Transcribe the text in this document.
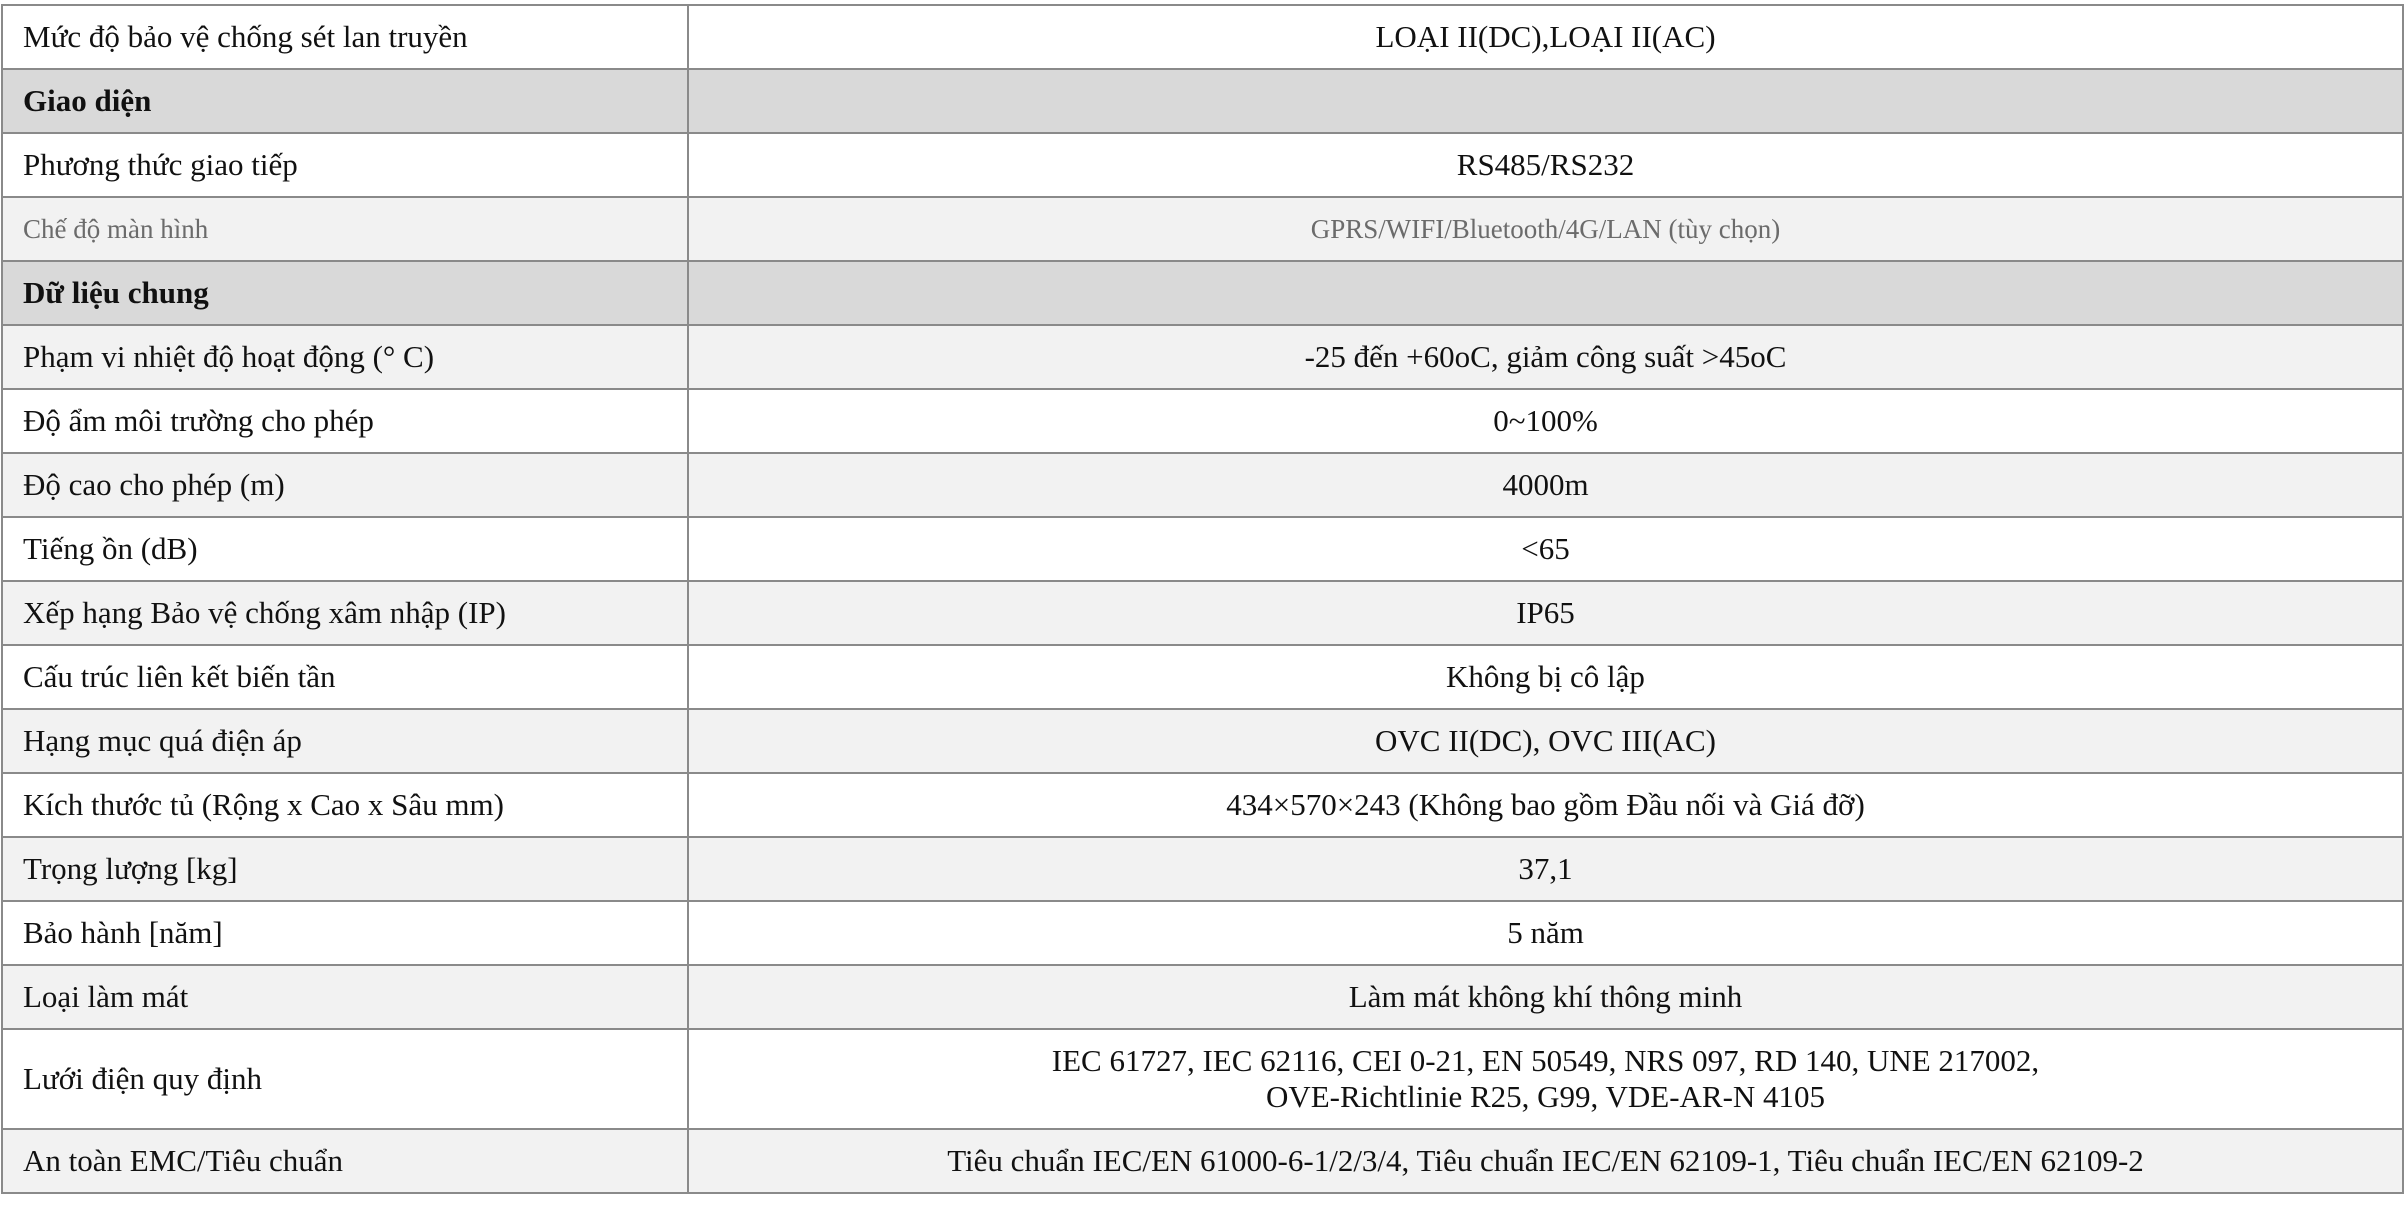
Mức độ bảo vệ chống sét lan truyền	LOẠI II(DC),LOẠI II(AC)
Giao diện	
Phương thức giao tiếp	RS485/RS232
Chế độ màn hình	GPRS/WIFI/Bluetooth/4G/LAN (tùy chọn)
Dữ liệu chung	
Phạm vi nhiệt độ hoạt động (° C)	-25 đến +60oC, giảm công suất >45oC
Độ ẩm môi trường cho phép	0~100%
Độ cao cho phép (m)	4000m
Tiếng ồn (dB)	<65
Xếp hạng Bảo vệ chống xâm nhập (IP)	IP65
Cấu trúc liên kết biến tần	Không bị cô lập
Hạng mục quá điện áp	OVC II(DC), OVC III(AC)
Kích thước tủ (Rộng x Cao x Sâu mm)	434×570×243 (Không bao gồm Đầu nối và Giá đỡ)
Trọng lượng [kg]	37,1
Bảo hành [năm]	5 năm
Loại làm mát	Làm mát không khí thông minh
Lưới điện quy định	IEC 61727, IEC 62116, CEI 0-21, EN 50549, NRS 097, RD 140, UNE 217002,
OVE-Richtlinie R25, G99, VDE-AR-N 4105

An toàn EMC/Tiêu chuẩn	Tiêu chuẩn IEC/EN 61000-6-1/2/3/4, Tiêu chuẩn IEC/EN 62109-1, Tiêu chuẩn IEC/EN 62109-2
